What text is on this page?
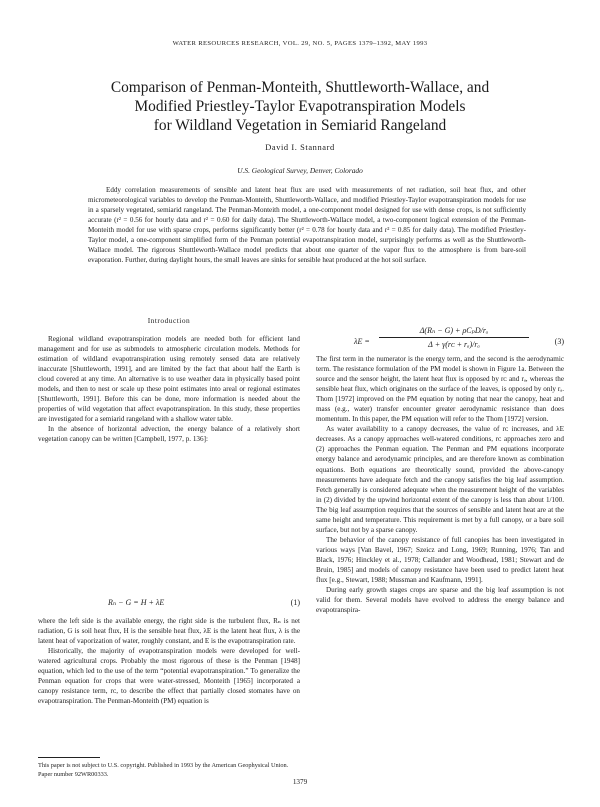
WATER RESOURCES RESEARCH, VOL. 29, NO. 5, PAGES 1379–1392, MAY 1993
Comparison of Penman-Monteith, Shuttleworth-Wallace, and
Modified Priestley-Taylor Evapotranspiration Models
for Wildland Vegetation in Semiarid Rangeland
David I. Stannard
U.S. Geological Survey, Denver, Colorado

Eddy correlation measurements of sensible and latent heat flux are used with measurements of net radiation, soil heat flux, and other micrometeorological variables to develop the Penman-Monteith, Shuttleworth-Wallace, and modified Priestley-Taylor evapotranspiration models for use in a sparsely vegetated, semiarid rangeland. The Penman-Monteith model, a one-component model designed for use with dense crops, is not sufficiently accurate (r² = 0.56 for hourly data and r² = 0.60 for daily data). The Shuttleworth-Wallace model, a two-component logical extension of the Penman-Monteith model for use with sparse crops, performs significantly better (r² = 0.78 for hourly data and r² = 0.85 for daily data). The modified Priestley-Taylor model, a one-component simplified form of the Penman potential evapotranspiration model, surprisingly performs as well as the Shuttleworth-Wallace model. The rigorous Shuttleworth-Wallace model predicts that about one quarter of the vapor flux to the atmosphere is from bare-soil evaporation. Further, during daylight hours, the small leaves are sinks for sensible heat produced at the hot soil surface.

Introduction

Regional wildland evapotranspiration models are needed both for efficient land management and for use as submodels to atmospheric circulation models. Methods for estimation of wildland evapotranspiration using remotely sensed data are relatively inaccurate [Shuttleworth, 1991], and are limited by the fact that about half the Earth is cloud covered at any time. An alternative is to use weather data in physically based point models, and then to nest or scale up these point estimates into areal or regional estimates [Shuttleworth, 1991]. Before this can be done, more information is needed about the properties of wild vegetation that affect evapotranspiration. In this study, these properties are investigated for a semiarid rangeland with a shallow water table.

In the absence of horizontal advection, the energy balance of a relatively short vegetation canopy can be written [Campbell, 1977, p. 136]:

Rₙ − G = H + λE	(1)

where the left side is the available energy, the right side is the turbulent flux, Rₙ is net radiation, G is soil heat flux, H is the sensible heat flux, λE is the latent heat flux, λ is the latent heat of vaporization of water, roughly constant, and E is the evapotranspiration rate.

Historically, the majority of evapotranspiration models were developed for well-watered agricultural crops. Probably the most rigorous of these is the Penman [1948] equation, which led to the use of the term “potential evapotranspiration.” To generalize the Penman equation for crops that were water-stressed, Monteith [1965] incorporated a canopy resistance term, rᴄ, to describe the effect that partially closed stomates have on evapotranspiration. The Penman-Monteith (PM) equation is

This paper is not subject to U.S. copyright. Published in 1993 by the American Geophysical Union.

Paper number 92WR00333.

λE =
Δ(Rₙ − G) + ρCₚD/rₐ
Δ + γ(rᴄ + rₐ)/rₐ	(3)

The first term in the numerator is the energy term, and the second is the aerodynamic term. The resistance formulation of the PM model is shown in Figure 1a. Between the source and the sensor height, the latent heat flux is opposed by rᴄ and rₐ, whereas the sensible heat flux, which originates on the surface of the leaves, is opposed by only rₐ. Thom [1972] improved on the PM equation by noting that near the canopy, heat and mass (e.g., water) transfer encounter greater aerodynamic resistance than does momentum. In this paper, the PM equation will refer to the Thom [1972] version.

As water availability to a canopy decreases, the value of rᴄ increases, and λE decreases. As a canopy approaches well-watered conditions, rᴄ approaches zero and (2) approaches the Penman equation. The Penman and PM equations incorporate energy balance and aerodynamic principles, and are therefore known as combination equations. Both equations are theoretically sound, provided the above-canopy measurements have adequate fetch and the canopy satisfies the big leaf assumption. Fetch generally is considered adequate when the measurement height of the variables in (2) divided by the upwind horizontal extent of the canopy is less than about 1/100. The big leaf assumption requires that the sources of sensible and latent heat are at the same height and temperature. This requirement is met by a full canopy, or a bare soil surface, but not by a sparse canopy.

The behavior of the canopy resistance of full canopies has been investigated in various ways [Van Bavel, 1967; Szeicz and Long, 1969; Running, 1976; Tan and Black, 1976; Hinckley et al., 1978; Callander and Woodhead, 1981; Stewart and de Bruin, 1985] and models of canopy resistance have been used to predict latent heat flux [e.g., Stewart, 1988; Mussman and Kaufmann, 1991].

During early growth stages crops are sparse and the big leaf assumption is not valid for them. Several models have evolved to address the energy balance and evapotranspira-

1379
